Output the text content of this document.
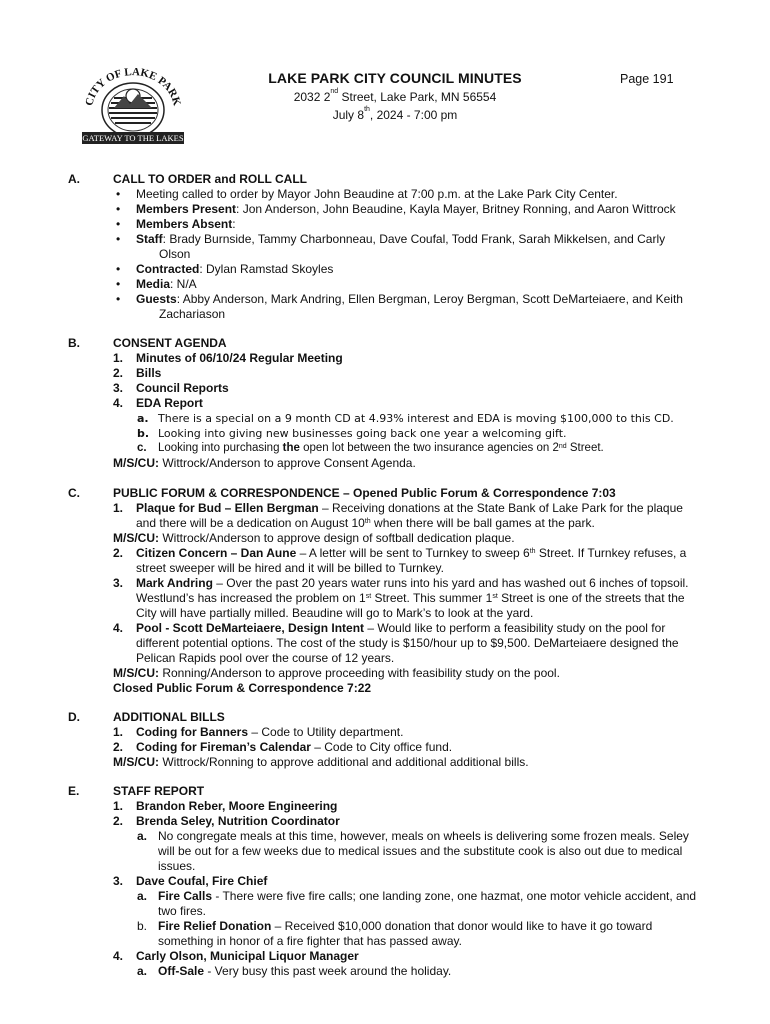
CITY OF LAKE PARK
GATEWAY TO THE LAKES
LAKE PARK CITY COUNCIL MINUTES
2032 2nd Street, Lake Park, MN 56554
July 8th, 2024 - 7:00 pm
Page 191
A.	CALL TO ORDER and ROLL CALL
• Meeting called to order by Mayor John Beaudine at 7:00 p.m. at the Lake Park City Center.
• Members Present: Jon Anderson, John Beaudine, Kayla Mayer, Britney Ronning, and Aaron Wittrock
• Members Absent:
• Staff: Brady Burnside, Tammy Charbonneau, Dave Coufal, Todd Frank, Sarah Mikkelsen, and Carly
Olson
• Contracted: Dylan Ramstad Skoyles
• Media: N/A
• Guests: Abby Anderson, Mark Andring, Ellen Bergman, Leroy Bergman, Scott DeMarteiaere, and Keith
Zachariason
B.	CONSENT AGENDA
1. Minutes of 06/10/24 Regular Meeting
2. Bills
3. Council Reports
4. EDA Report
a. There is a special on a 9 month CD at 4.93% interest and EDA is moving $100,000 to this CD.
b. Looking into giving new businesses going back one year a welcoming gift.
c. Looking into purchasing the open lot between the two insurance agencies on 2nd Street.
M/S/CU: Wittrock/Anderson to approve Consent Agenda.
C.	PUBLIC FORUM & CORRESPONDENCE – Opened Public Forum & Correspondence 7:03
1. Plaque for Bud – Ellen Bergman – Receiving donations at the State Bank of Lake Park for the plaque
and there will be a dedication on August 10th when there will be ball games at the park.
M/S/CU: Wittrock/Anderson to approve design of softball dedication plaque.
2. Citizen Concern – Dan Aune – A letter will be sent to Turnkey to sweep 6th Street. If Turnkey refuses, a
street sweeper will be hired and it will be billed to Turnkey.
3. Mark Andring – Over the past 20 years water runs into his yard and has washed out 6 inches of topsoil.
Westlund’s has increased the problem on 1st Street. This summer 1st Street is one of the streets that the
City will have partially milled. Beaudine will go to Mark’s to look at the yard.
4. Pool - Scott DeMarteiaere, Design Intent – Would like to perform a feasibility study on the pool for
different potential options. The cost of the study is $150/hour up to $9,500. DeMarteiaere designed the
Pelican Rapids pool over the course of 12 years.
M/S/CU: Ronning/Anderson to approve proceeding with feasibility study on the pool.
Closed Public Forum & Correspondence 7:22
D.	ADDITIONAL BILLS
1. Coding for Banners – Code to Utility department.
2. Coding for Fireman’s Calendar – Code to City office fund.
M/S/CU: Wittrock/Ronning to approve additional and additional additional bills.
E.	STAFF REPORT
1. Brandon Reber, Moore Engineering
2. Brenda Seley, Nutrition Coordinator
a. No congregate meals at this time, however, meals on wheels is delivering some frozen meals. Seley
will be out for a few weeks due to medical issues and the substitute cook is also out due to medical
issues.
3. Dave Coufal, Fire Chief
a. Fire Calls - There were five fire calls; one landing zone, one hazmat, one motor vehicle accident, and
two fires.
b. Fire Relief Donation – Received $10,000 donation that donor would like to have it go toward
something in honor of a fire fighter that has passed away.
4. Carly Olson, Municipal Liquor Manager
a. Off-Sale - Very busy this past week around the holiday.
